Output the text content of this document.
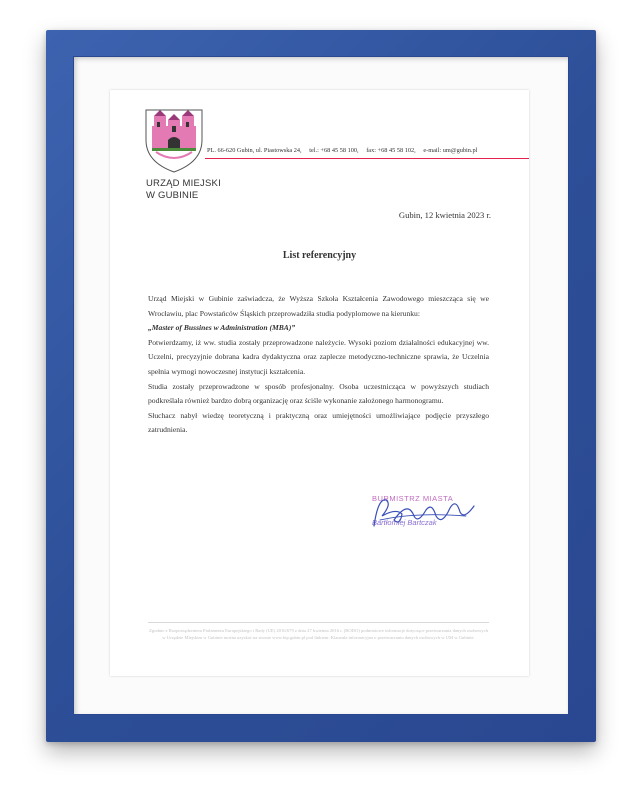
URZĄD MIEJSKI
W GUBINIE
PL. 66-620 Gubin, ul. Piastowska 24, tel.: +68 45 58 100, fax: +68 45 58 102, e-mail: um@gubin.pl
Gubin, 12 kwietnia 2023 r.
List referencyjny

Urząd Miejski w Gubinie zaświadcza, że Wyższa Szkoła Kształcenia Zawodowego mieszcząca się we Wrocławiu, plac Powstańców Śląskich przeprowadziła studia podyplomowe na kierunku:

„Master of Bussines w Administration (MBA)”

Potwierdzamy, iż ww. studia zostały przeprowadzone należycie. Wysoki poziom działalności edukacyjnej ww. Uczelni, precyzyjnie dobrana kadra dydaktyczna oraz zaplecze metodyczno-techniczne sprawia, że Uczelnia spełnia wymogi nowoczesnej instytucji kształcenia.

Studia zostały przeprowadzone w sposób profesjonalny. Osoba uczestnicząca w powyższych studiach podkreślała również bardzo dobrą organizację oraz ściśle wykonanie założonego harmonogramu.

Słuchacz nabył wiedzę teoretyczną i praktyczną oraz umiejętności umożliwiające podjęcie przyszłego zatrudnienia.

BURMISTRZ MIASTA
Bartłomiej Bartczak
Zgodnie z Rozporządzeniem Parlamentu Europejskiego i Rady (UE) 2016/679 z dnia 27 kwietnia 2016 r. (RODO) podmiotowe informacje dotyczące przetwarzania danych osobowych w Urzędzie Miejskim w Gubinie można uzyskać na stronie www.bip.gubin.pl pod linkiem: Klauzula informacyjna o przetwarzaniu danych osobowych w UM w Gubinie.
